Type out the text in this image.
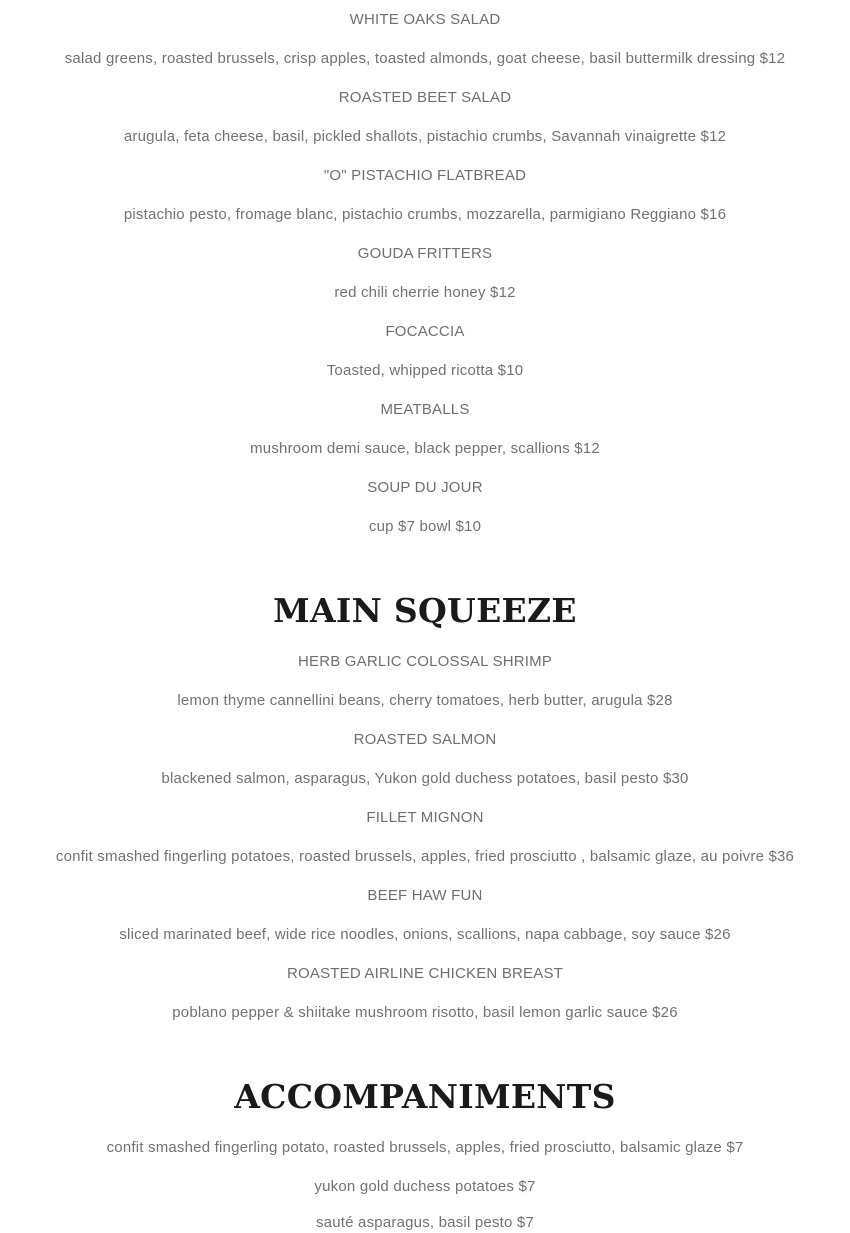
WHITE OAKS SALAD
salad greens, roasted brussels, crisp apples, toasted almonds, goat cheese, basil buttermilk dressing $12
ROASTED BEET SALAD
arugula, feta cheese, basil, pickled shallots, pistachio crumbs, Savannah vinaigrette $12
"O" PISTACHIO FLATBREAD
pistachio pesto, fromage blanc, pistachio crumbs, mozzarella, parmigiano Reggiano $16
GOUDA FRITTERS
red chili cherrie honey $12
FOCACCIA
Toasted, whipped ricotta $10
MEATBALLS
mushroom demi sauce, black pepper, scallions $12
SOUP DU JOUR
cup $7 bowl $10
MAIN SQUEEZE
HERB GARLIC COLOSSAL SHRIMP
lemon thyme cannellini beans, cherry tomatoes, herb butter, arugula $28
ROASTED SALMON
blackened salmon, asparagus, Yukon gold duchess potatoes, basil pesto $30
FILLET MIGNON
confit smashed fingerling potatoes, roasted brussels, apples, fried prosciutto , balsamic glaze, au poivre $36
BEEF HAW FUN
sliced marinated beef, wide rice noodles, onions, scallions, napa cabbage, soy sauce $26
ROASTED AIRLINE CHICKEN BREAST
poblano pepper & shiitake mushroom risotto, basil lemon garlic sauce $26
ACCOMPANIMENTS
confit smashed fingerling potato, roasted brussels, apples, fried prosciutto, balsamic glaze $7
yukon gold duchess potatoes $7
sauté asparagus, basil pesto $7
